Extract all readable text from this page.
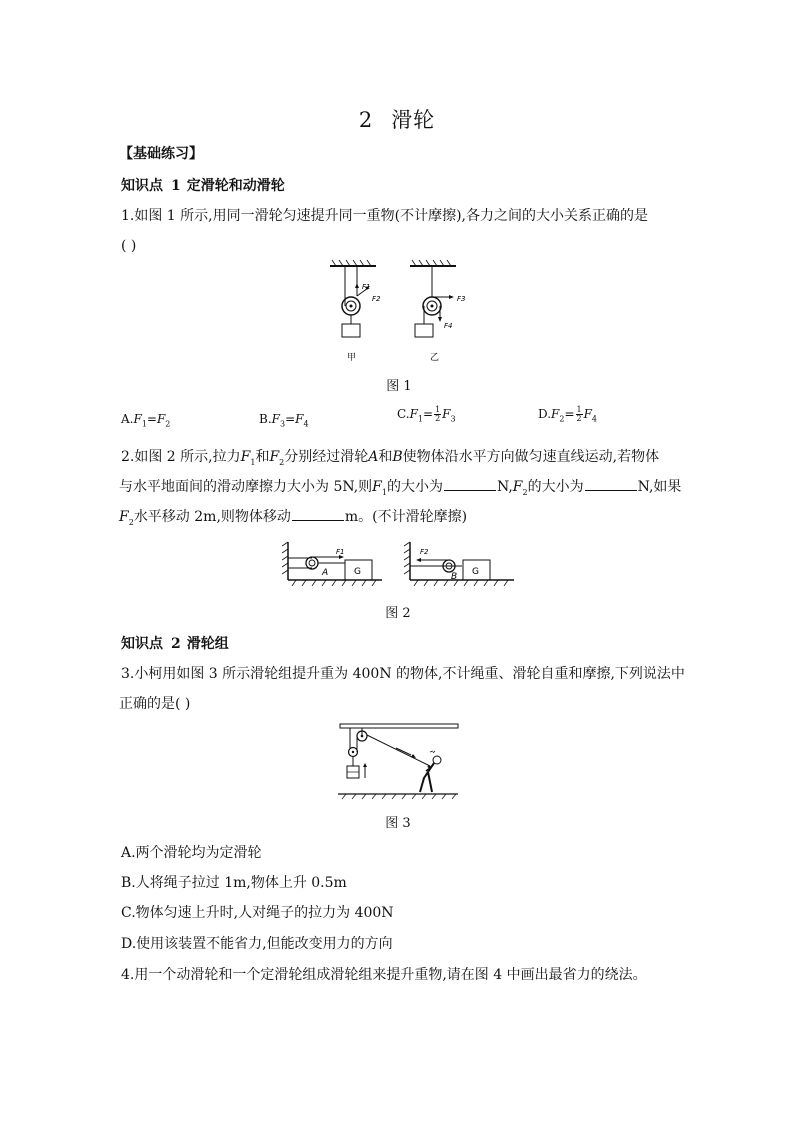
2 滑轮
【基础练习】
知识点 1 定滑轮和动滑轮
1.如图 1 所示,用同一滑轮匀速提升同一重物(不计摩擦),各力之间的大小关系正确的是
( )
F1
F2
甲
F3
F4
乙
图 1
$A.F_1=F_2$	$B.F_3=F_4$
$C.F_1= \frac{1}{2} F_3$	$D.F_2= \frac{1}{2} F_4$
2.如图 2 所示,拉力$F_1$和$F_2$分别经过滑轮A和B使物体沿水平方向做匀速直线运动,若物体
与水平地面间的滑动摩擦力大小为 5N,则$F_1$的大小为	$N,F_2$的大小为	N,如果
$F_2$水平移动 2m,则物体移动	m。(不计滑轮摩擦)
F1
A	G
F2
B G
图 2
知识点 2 滑轮组
3.小柯用如图 3 所示滑轮组提升重为 400N 的物体,不计绳重、滑轮自重和摩擦,下列说法中
正确的是( )
图 3
A.两个滑轮均为定滑轮
B.人将绳子拉过 1m,物体上升 0.5m
C.物体匀速上升时,人对绳子的拉力为 400N
D.使用该装置不能省力,但能改变用力的方向
4.用一个动滑轮和一个定滑轮组成滑轮组来提升重物,请在图 4 中画出最省力的绕法。
